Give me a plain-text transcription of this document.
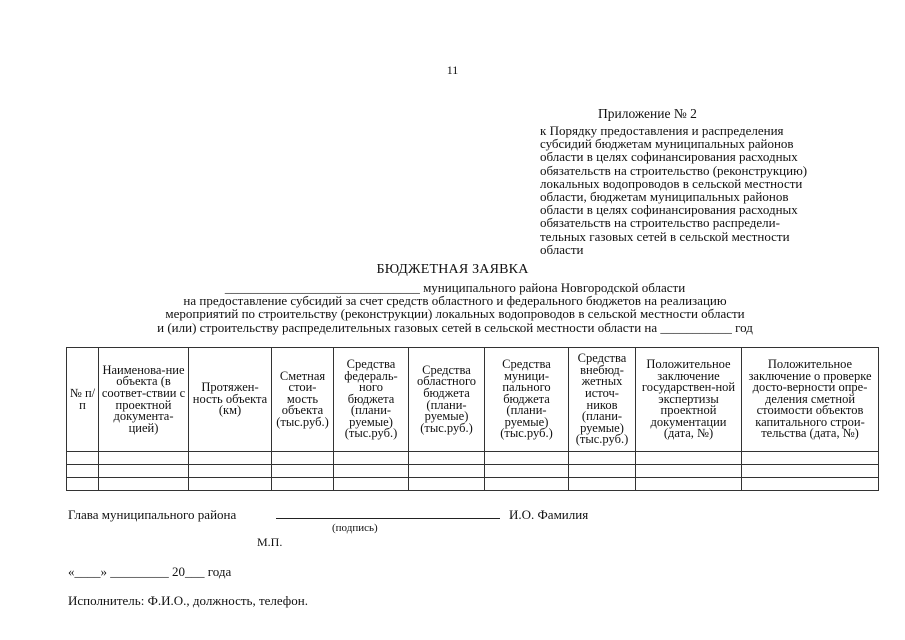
11
Приложение № 2
к Порядку предоставления и распределения
субсидий бюджетам муниципальных районов
области в целях софинансирования расходных
обязательств на строительство (реконструкцию)
локальных водопроводов в сельской местности
области, бюджетам муниципальных районов
области в целях софинансирования расходных
обязательств на строительство распредели-
тельных газовых сетей в сельской местности
области
БЮДЖЕТНАЯ ЗАЯВКА
______________________________ муниципального района Новгородской области
на предоставление субсидий за счет средств областного и федерального бюджетов на реализацию
мероприятий по строительству (реконструкции) локальных водопроводов в сельской местности области
и (или) строительству распределительных газовых сетей в сельской местности области на ___________ год
№ п/п	Наименова-ние объекта (в соответ-ствии с проектной документа-цией)	Протяжен-ность объекта (км)	Сметная стои-мость объекта (тыс.руб.)	Средства федераль-ного бюджета (плани-руемые) (тыс.руб.)	Средства областного бюджета (плани-руемые) (тыс.руб.)	Средства муници-пального бюджета (плани-руемые) (тыс.руб.)	Средства внебюд-жетных источ-ников (плани-руемые) (тыс.руб.)	Положительное заключение государствен-ной экспертизы проектной документации (дата, №)	Положительное заключение о проверке досто-верности опре-деления сметной стоимости объектов капитального строи-тельства (дата, №)

Глава муниципального района	И.О. Фамилия
(подпись)
М.П.
«____» _________ 20___ года
Исполнитель: Ф.И.О., должность, телефон.
